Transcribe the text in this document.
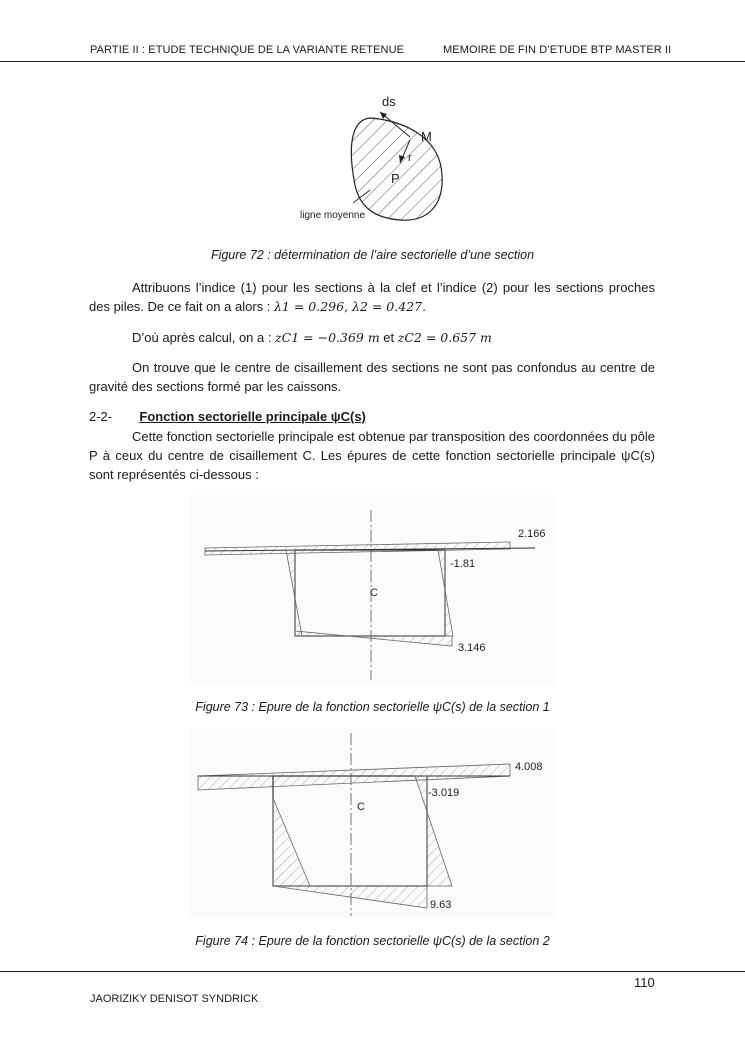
PARTIE II : ETUDE TECHNIQUE DE LA VARIANTE RETENUE	MEMOIRE DE FIN D’ETUDE BTP MASTER II
ds
M
r
P
ligne moyenne
Figure 72 : détermination de l’aire sectorielle d’une section
Attribuons l’indice (1) pour les sections à la clef et l’indice (2) pour les sections proches des piles. De ce fait on a alors : λ1 = 0.296, λ2 = 0.427.
D’où après calcul, on a : zC1 = −0.369 m et zC2 = 0.657 m
On trouve que le centre de cisaillement des sections ne sont pas confondus au centre de gravité des sections formé par les caissons.
2-2- Fonction sectorielle principale ψC(s)
Cette fonction sectorielle principale est obtenue par transposition des coordonnées du pôle P à ceux du centre de cisaillement C. Les épures de cette fonction sectorielle principale ψC(s) sont représentés ci-dessous :
2.166
-1.81
C
3.146
Figure 73 : Epure de la fonction sectorielle ψC(s) de la section 1
4.008
-3.019
C
9.63
Figure 74 : Epure de la fonction sectorielle ψC(s) de la section 2
110
JAORIZIKY DENISOT SYNDRICK
